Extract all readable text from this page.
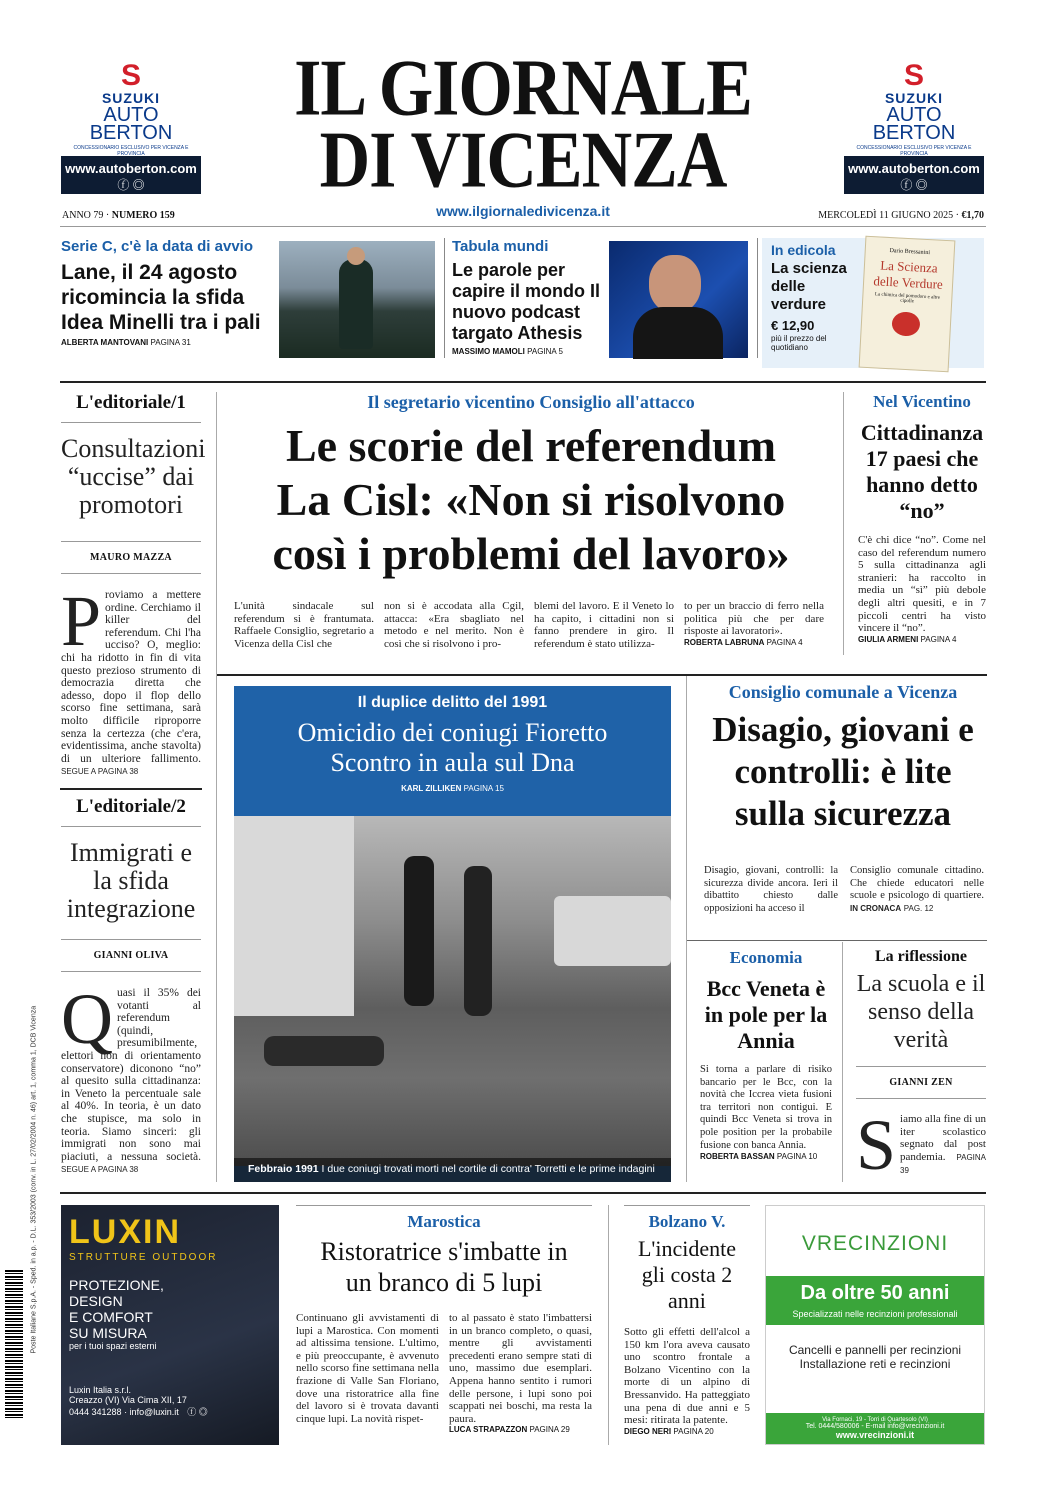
S
SUZUKI
AUTO
BERTON
CONCESSIONARIO ESCLUSIVO PER VICENZA E PROVINCIA
www.autoberton.com
ⓕ ◎
S
SUZUKI
AUTO
BERTON
CONCESSIONARIO ESCLUSIVO PER VICENZA E PROVINCIA
www.autoberton.com
ⓕ ◎
IL GIORNALE
DI VICENZA
www.ilgiornaledivicenza.it
ANNO 79 · NUMERO 159	MERCOLEDÌ 11 GIUGNO 2025 · €1,70
Serie C, c'è la data di avvio
Lane, il 24 agosto ricomincia la sfida Idea Minelli tra i pali
ALBERTA MANTOVANI PAGINA 31
Tabula mundi
Le parole per capire il mondo Il nuovo podcast targato Athesis
MASSIMO MAMOLI PAGINA 5
In edicola
La scienza delle verdure
€ 12,90
più il prezzo del quotidiano
Dario Bressanini
La Scienza
delle Verdure
La chimica del pomodoro e altre cipolle
L'editoriale/1
Consultazioni “uccise” dai promotori
MAURO MAZZA
Proviamo a mettere ordine. Cerchiamo il killer del referendum. Chi l'ha ucciso? O, meglio: chi ha ridotto in fin di vita questo prezioso strumento di democrazia diretta che adesso, dopo il flop dello scorso fine settimana, sarà molto difficile riproporre senza la certezza (che c'era, evidentissima, anche stavolta) di un ulteriore fallimento. SEGUE A PAGINA 38
L'editoriale/2
Immigrati e la sfida integrazione
GIANNI OLIVA
Quasi il 35% dei votanti al referendum (quindi, presumibilmente, elettori non di orientamento conservatore) diconono “no” al quesito sulla cittadinanza: in Veneto la percentuale sale al 40%. In teoria, è un dato che stupisce, ma solo in teoria. Siamo sinceri: gli immigrati non sono mai piaciuti, a nessuna società. SEGUE A PAGINA 38
Poste Italiane S.p.A. - Sped. in a.p. - D.L. 353/2003 (conv. in L. 27/02/2004 n. 46) art. 1, comma 1, DCB Vicenza
Il segretario vicentino Consiglio all'attacco
Le scorie del referendum
La Cisl: «Non si risolvono
così i problemi del lavoro»
L'unità sindacale sul referendum si è frantumata. Raffaele Consiglio, segretario a Vicenza della Cisl che
non si è accodata alla Cgil, attacca: «Era sbagliato nel metodo e nel merito. Non è così che si risolvono i pro-
blemi del lavoro. E il Veneto lo ha capito, i cittadini non si fanno prendere in giro. Il referendum è stato utilizza-
to per un braccio di ferro nella politica più che per dare risposte ai lavoratori».
ROBERTA LABRUNA PAGINA 4
Nel Vicentino
Cittadinanza 17 paesi che hanno detto “no”
C'è chi dice “no”. Come nel caso del referendum numero 5 sulla cittadinanza agli stranieri: ha raccolto in media un “sì” più debole degli altri quesiti, e in 7 piccoli centri ha visto vincere il “no”.
GIULIA ARMENI PAGINA 4
Il duplice delitto del 1991
Omicidio dei coniugi Fioretto
Scontro in aula sul Dna
KARL ZILLIKEN PAGINA 15
Febbraio 1991 I due coniugi trovati morti nel cortile di contra' Torretti e le prime indagini
Consiglio comunale a Vicenza
Disagio, giovani e controlli: è lite sulla sicurezza
Disagio, giovani, controlli: la sicurezza divide ancora. Ieri il dibattito chiesto dalle opposizioni ha acceso il
Consiglio comunale cittadino. Che chiede educatori nelle scuole e psicologo di quartiere. IN CRONACA PAG. 12
Economia
Bcc Veneta è in pole per la Annia
Si torna a parlare di risiko bancario per le Bcc, con la novità che Iccrea vieta fusioni tra territori non contigui. E quindi Bcc Veneta si trova in pole position per la probabile fusione con banca Annia.
ROBERTA BASSAN PAGINA 10
La riflessione
La scuola e il senso della verità
GIANNI ZEN
Siamo alla fine di un iter scolastico segnato dal post pandemia. PAGINA 39
LUXIN
STRUTTURE OUTDOOR
PROTEZIONE,
DESIGN
E COMFORT
SU MISURA
per i tuoi spazi esterni
Luxin Italia s.r.l.
Creazzo (VI) Via Cima XII, 17
0444 341288 · info@luxin.it ⓕ ◎
Marostica
Ristoratrice s'imbatte in un branco di 5 lupi
Continuano gli avvistamenti di lupi a Marostica. Con momenti ad altissima tensione. L'ultimo, e più preoccupante, è avvenuto nello scorso fine settimana nella frazione di Valle San Floriano, dove una ristoratrice alla fine del lavoro si è trovata davanti cinque lupi. La novità rispet-
to al passato è stato l'imbattersi in un branco completo, o quasi, mentre gli avvistamenti precedenti erano sempre stati di uno, massimo due esemplari. Appena hanno sentito i rumori delle persone, i lupi sono poi scappati nei boschi, ma resta la paura.
LUCA STRAPAZZON PAGINA 29
Bolzano V.
L'incidente gli costa 2 anni
Sotto gli effetti dell'alcol a 150 km l'ora aveva causato uno scontro frontale a Bolzano Vicentino con la morte di un alpino di Bressanvido. Ha patteggiato una pena di due anni e 5 mesi: ritirata la patente.
DIEGO NERI PAGINA 20
VRECINZIONI
Da oltre 50 anni
Specializzati nelle recinzioni professionali
Cancelli e pannelli per recinzioni
Installazione reti e recinzioni
Via Fornaci, 19 - Torri di Quartesolo (VI)
Tel. 0444/580006 - E-mail info@vrecinzioni.it
www.vrecinzioni.it
